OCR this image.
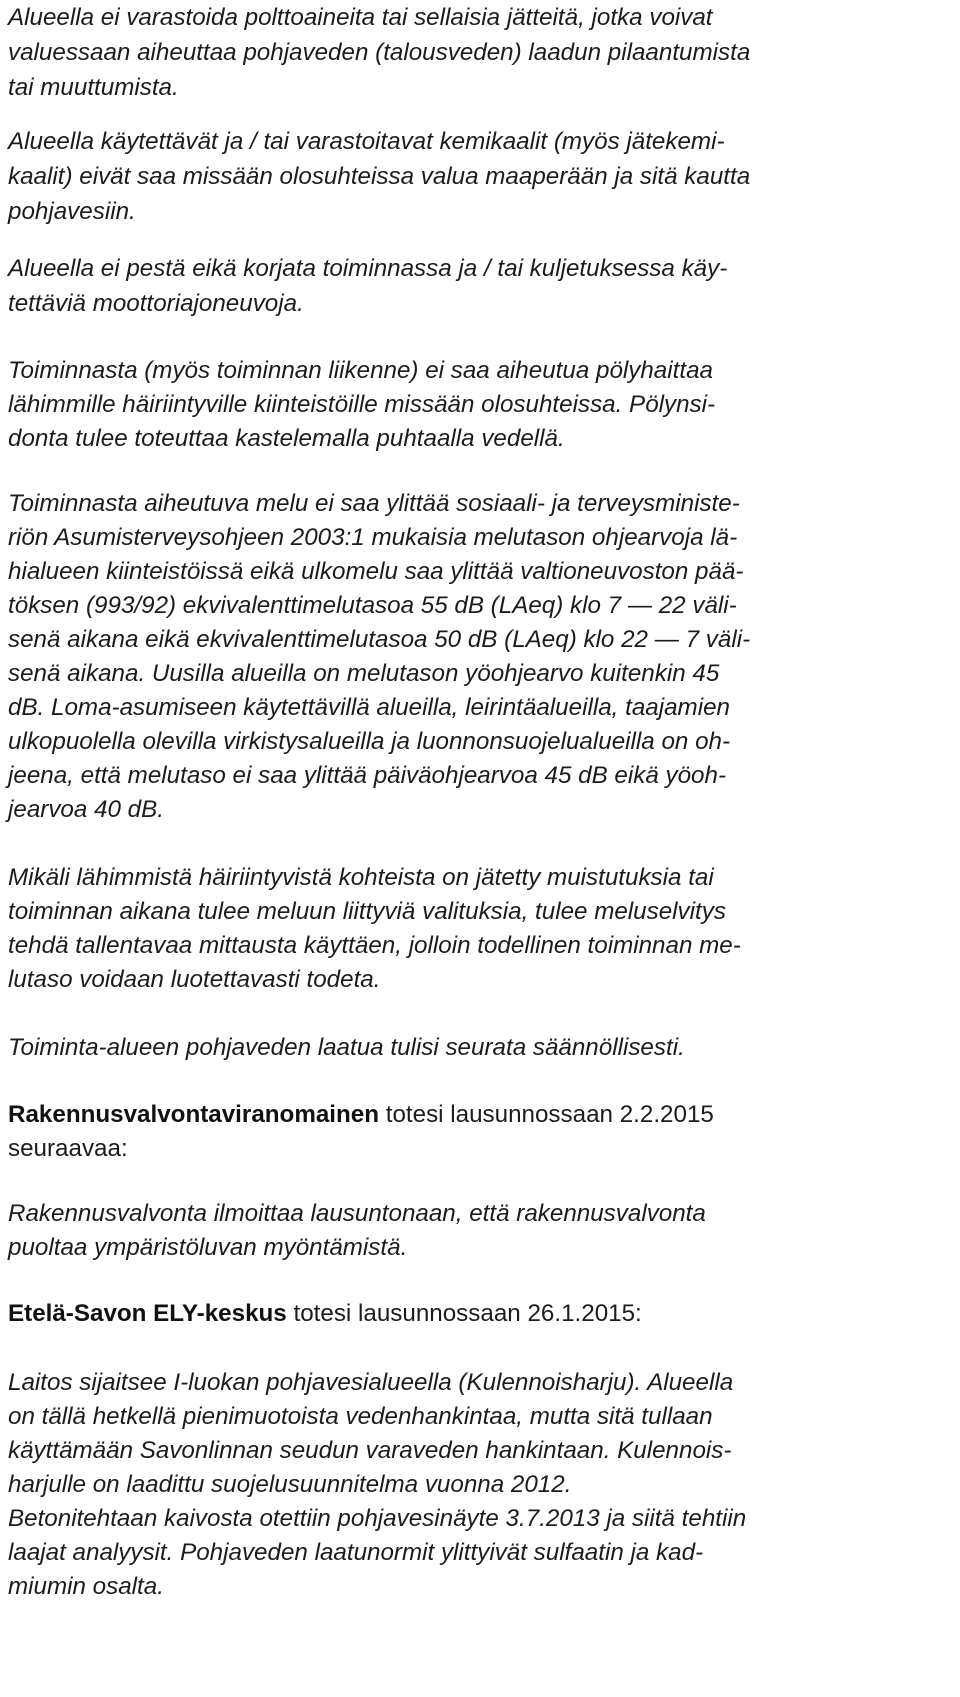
Alueella ei varastoida polttoaineita tai sellaisia jätteitä, jotka voivat
valuessaan aiheuttaa pohjaveden (talousveden) laadun pilaantumista
tai muuttumista.
Alueella käytettävät ja / tai varastoitavat kemikaalit (myös jätekemi-
kaalit) eivät saa missään olosuhteissa valua maaperään ja sitä kautta
pohjavesiin.
Alueella ei pestä eikä korjata toiminnassa ja / tai kuljetuksessa käy-
tettäviä moottoriajoneuvoja.
Toiminnasta (myös toiminnan liikenne) ei saa aiheutua pölyhaittaa
lähimmille häiriintyville kiinteistöille missään olosuhteissa. Pölynsi-
donta tulee toteuttaa kastelemalla puhtaalla vedellä.
Toiminnasta aiheutuva melu ei saa ylittää sosiaali- ja terveysministe-
riön Asumisterveysohjeen 2003:1 mukaisia melutason ohjearvoja lä-
hialueen kiinteistöissä eikä ulkomelu saa ylittää valtioneuvoston pää-
töksen (993/92) ekvivalenttimelutasoa 55 dB (LAeq) klo 7 — 22 väli-
senä aikana eikä ekvivalenttimelutasoa 50 dB (LAeq) klo 22 — 7 väli-
senä aikana. Uusilla alueilla on melutason yöohjearvo kuitenkin 45
dB. Loma-asumiseen käytettävillä alueilla, leirintäalueilla, taajamien
ulkopuolella olevilla virkistysalueilla ja luonnonsuojelualueilla on oh-
jeena, että melutaso ei saa ylittää päiväohjearvoa 45 dB eikä yöoh-
jearvoa 40 dB.
Mikäli lähimmistä häiriintyvistä kohteista on jätetty muistutuksia tai
toiminnan aikana tulee meluun liittyviä valituksia, tulee meluselvitys
tehdä tallentavaa mittausta käyttäen, jolloin todellinen toiminnan me-
lutaso voidaan luotettavasti todeta.
Toiminta-alueen pohjaveden laatua tulisi seurata säännöllisesti.
Rakennusvalvontaviranomainen totesi lausunnossaan 2.2.2015
seuraavaa:
Rakennusvalvonta ilmoittaa lausuntonaan, että rakennusvalvonta
puoltaa ympäristöluvan myöntämistä.
Etelä-Savon ELY-keskus totesi lausunnossaan 26.1.2015:
Laitos sijaitsee I-luokan pohjavesialueella (Kulennoisharju). Alueella
on tällä hetkellä pienimuotoista vedenhankintaa, mutta sitä tullaan
käyttämään Savonlinnan seudun varaveden hankintaan. Kulennois-
harjulle on laadittu suojelusuunnitelma vuonna 2012.
Betonitehtaan kaivosta otettiin pohjavesinäyte 3.7.2013 ja siitä tehtiin
laajat analyysit. Pohjaveden laatunormit ylittyivät sulfaatin ja kad-
miumin osalta.
